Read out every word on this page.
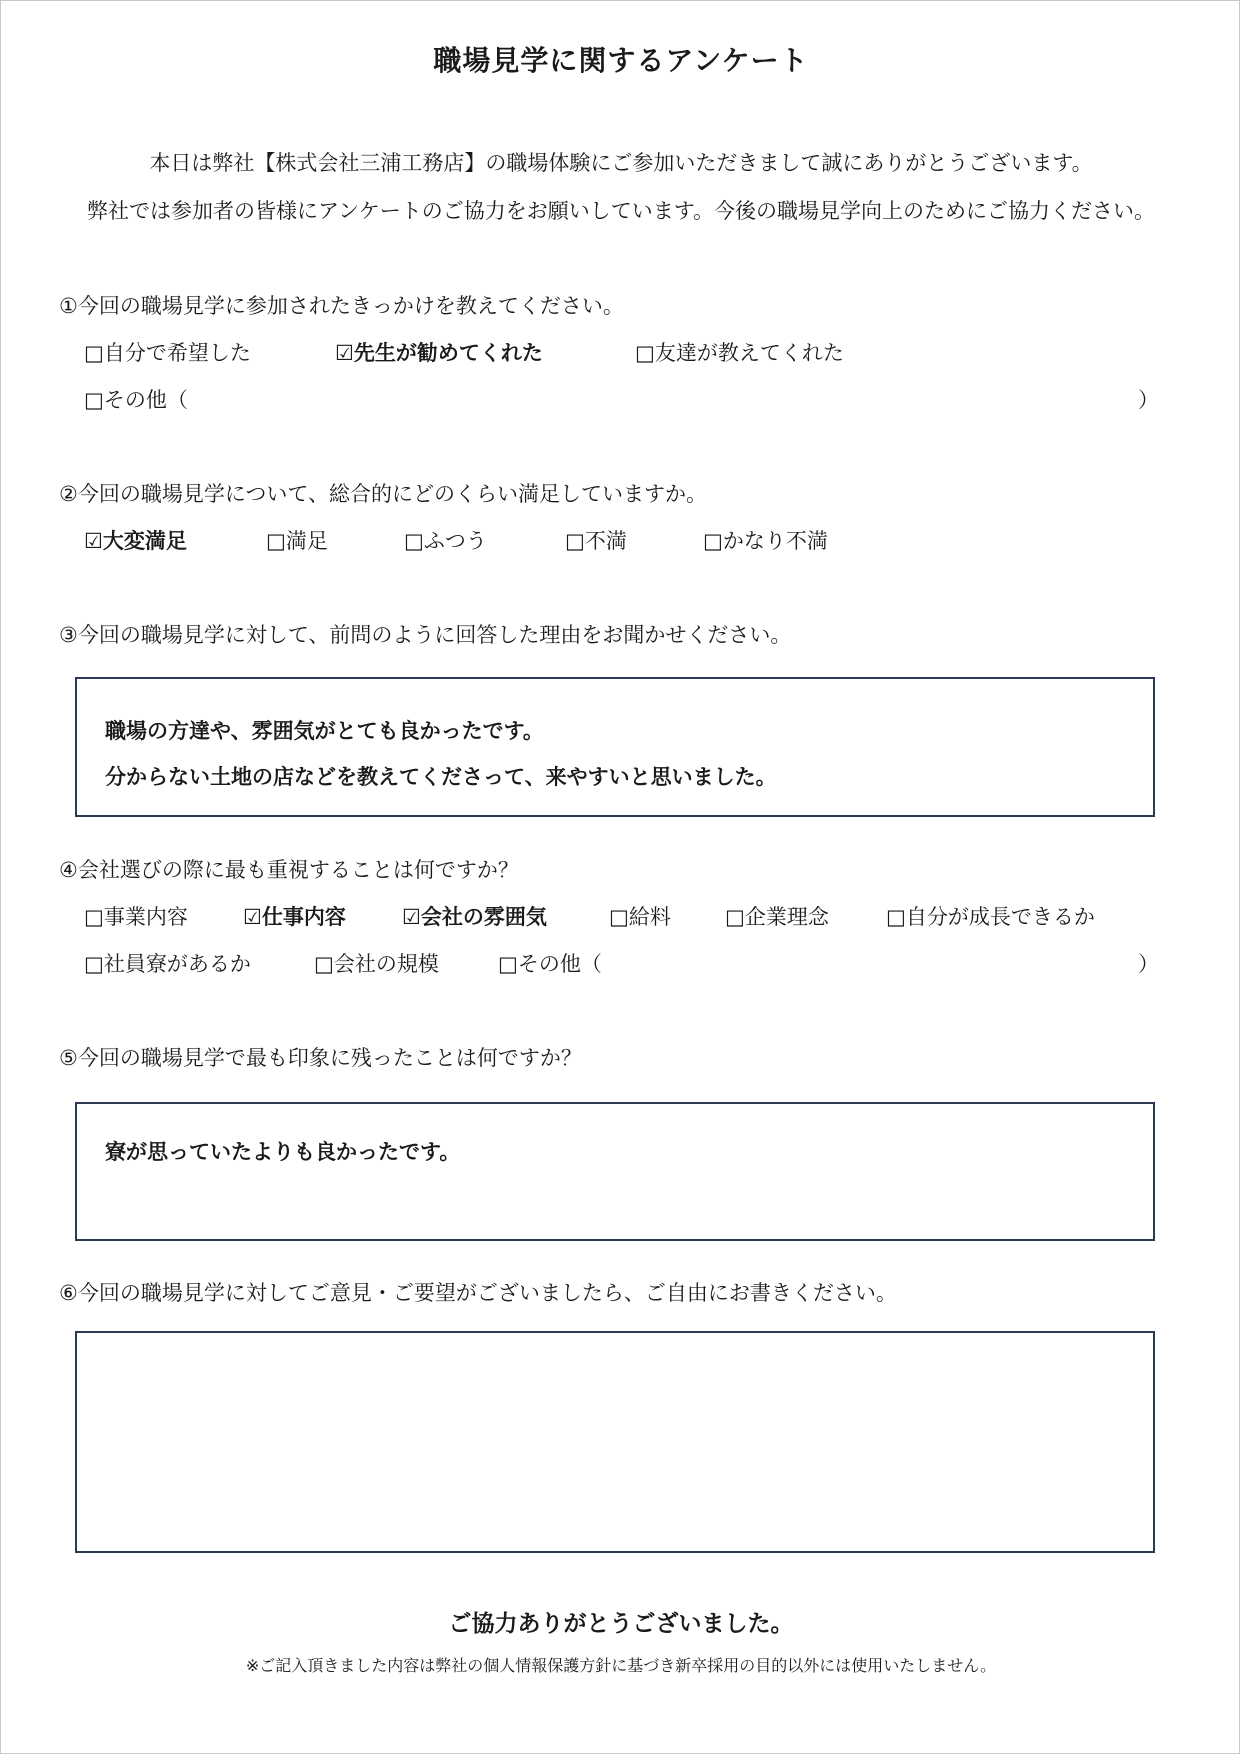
職場見学に関するアンケート
本日は弊社【株式会社三浦工務店】の職場体験にご参加いただきまして誠にありがとうございます。
弊社では参加者の皆様にアンケートのご協力をお願いしています。今後の職場見学向上のためにご協力ください。
①今回の職場見学に参加されたきっかけを教えてください。
□自分で希望した	☑先生が勧めてくれた	□友達が教えてくれた
□その他（	）
②今回の職場見学について、総合的にどのくらい満足していますか。
☑大変満足	□満足	□ふつう	□不満	□かなり不満
③今回の職場見学に対して、前問のように回答した理由をお聞かせください。
職場の方達や、雰囲気がとても良かったです。
分からない土地の店などを教えてくださって、来やすいと思いました。
④会社選びの際に最も重視することは何ですか？
□事業内容	☑仕事内容	☑会社の雰囲気	□給料	□企業理念	□自分が成長できるか
□社員寮があるか	□会社の規模	□その他（	）
⑤今回の職場見学で最も印象に残ったことは何ですか？
寮が思っていたよりも良かったです。
⑥今回の職場見学に対してご意見・ご要望がございましたら、ご自由にお書きください。
ご協力ありがとうございました。
※ご記入頂きました内容は弊社の個人情報保護方針に基づき新卒採用の目的以外には使用いたしません。
